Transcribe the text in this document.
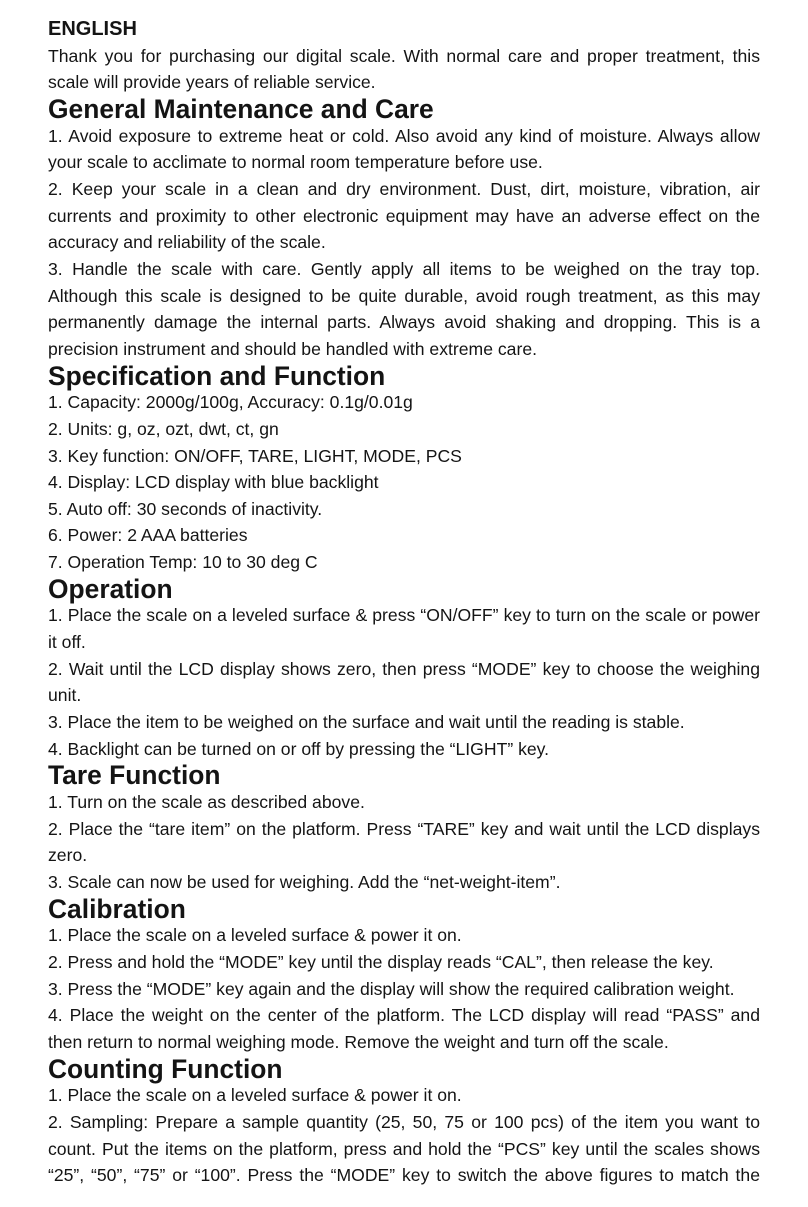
ENGLISH

Thank you for purchasing our digital scale. With normal care and proper treatment, this scale will provide years of reliable service.

General Maintenance and Care

1. Avoid exposure to extreme heat or cold. Also avoid any kind of moisture. Always allow your scale to acclimate to normal room temperature before use.

2. Keep your scale in a clean and dry environment. Dust, dirt, moisture, vibration, air currents and proximity to other electronic equipment may have an adverse effect on the accuracy and reliability of the scale.

3. Handle the scale with care. Gently apply all items to be weighed on the tray top. Although this scale is designed to be quite durable, avoid rough treatment, as this may permanently damage the internal parts. Always avoid shaking and dropping. This is a precision instrument and should be handled with extreme care.

Specification and Function

1. Capacity: 2000g/100g, Accuracy: 0.1g/0.01g

2. Units: g, oz, ozt, dwt, ct, gn

3. Key function: ON/OFF, TARE, LIGHT, MODE, PCS

4. Display: LCD display with blue backlight

5. Auto off: 30 seconds of inactivity.

6. Power: 2 AAA batteries

7. Operation Temp: 10 to 30 deg C

Operation

1. Place the scale on a leveled surface & press “ON/OFF” key to turn on the scale or power it off.

2. Wait until the LCD display shows zero, then press “MODE” key to choose the weighing unit.

3. Place the item to be weighed on the surface and wait until the reading is stable.

4. Backlight can be turned on or off by pressing the “LIGHT” key.

Tare Function

1. Turn on the scale as described above.

2. Place the “tare item” on the platform. Press “TARE” key and wait until the LCD displays zero.

3. Scale can now be used for weighing. Add the “net-weight-item”.

Calibration

1. Place the scale on a leveled surface & power it on.

2. Press and hold the “MODE” key until the display reads “CAL”, then release the key.

3. Press the “MODE” key again and the display will show the required calibration weight.

4. Place the weight on the center of the platform. The LCD display will read “PASS” and then return to normal weighing mode. Remove the weight and turn off the scale.

Counting Function

1. Place the scale on a leveled surface & power it on.

2. Sampling: Prepare a sample quantity (25, 50, 75 or 100 pcs) of the item you want to count. Put the items on the platform, press and hold the “PCS” key until the scales shows “25”, “50”, “75” or “100”. Press the “MODE” key to switch the above figures to match the
